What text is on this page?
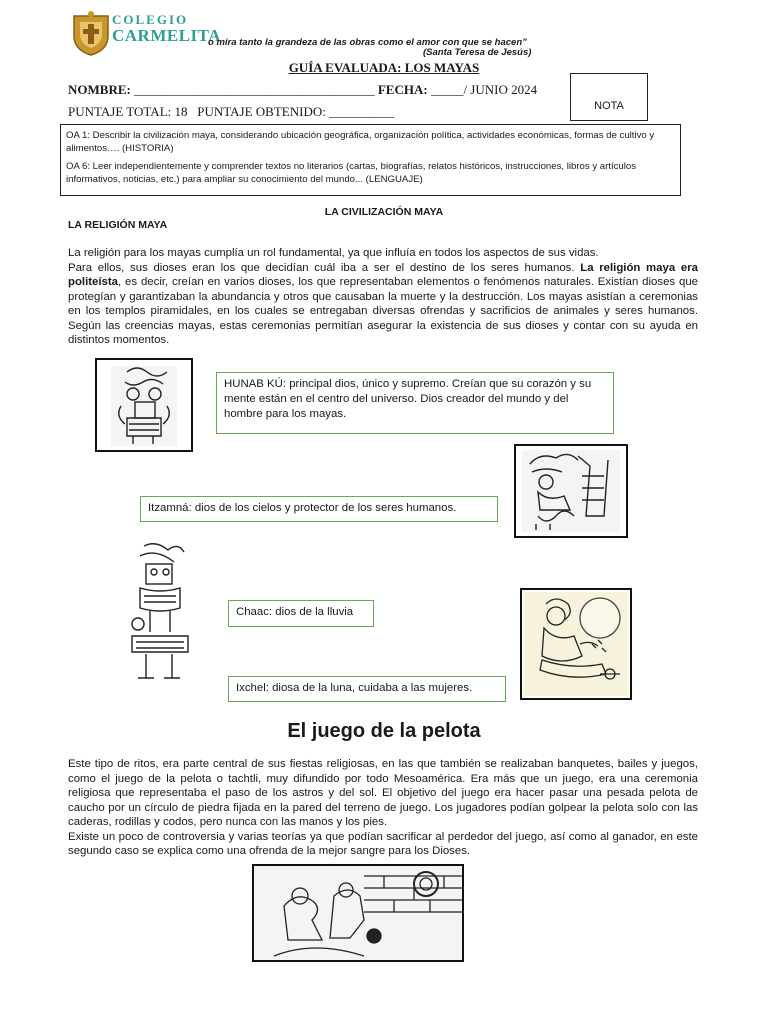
COLEGIO
CARMELITA
o mira tanto la grandeza de las obras como el amor con que se hacen”
(Santa Teresa de Jesús)
GUÍA EVALUADA: LOS MAYAS
NOMBRE: _____________________________________ FECHA: _____/ JUNIO 2024
PUNTAJE TOTAL: 18 PUNTAJE OBTENIDO: __________	NOTA

OA 1: Describir la civilización maya, considerando ubicación geográfica, organización política, actividades económicas, formas de cultivo y alimentos…. (HISTORIA)

OA 6: Leer independientemente y comprender textos no literarios (cartas, biografías, relatos históricos, instrucciones, libros y artículos informativos, noticias, etc.) para ampliar su conocimiento del mundo... (LENGUAJE)

LA CIVILIZACIÓN MAYA
LA RELIGIÓN MAYA

La religión para los mayas cumplía un rol fundamental, ya que influía en todos los aspectos de sus vidas.

Para ellos, sus dioses eran los que decidían cuál iba a ser el destino de los seres humanos. La religión maya era politeísta, es decir, creían en varios dioses, los que representaban elementos o fenómenos naturales. Existían dioses que protegían y garantizaban la abundancia y otros que causaban la muerte y la destrucción. Los mayas asistían a ceremonias en los templos piramidales, en los cuales se entregaban diversas ofrendas y sacrificios de animales y seres humanos. Según las creencias mayas, estas ceremonias permitían asegurar la existencia de sus dioses y contar con su ayuda en distintos momentos.

HUNAB KÚ: principal dios, único y supremo. Creían que su corazón y su mente están en el centro del universo. Dios creador del mundo y del hombre para los mayas.
Itzamná: dios de los cielos y protector de los seres humanos.
Chaac: dios de la lluvia
Ixchel: diosa de la luna, cuidaba a las mujeres.
El juego de la pelota

Este tipo de ritos, era parte central de sus fiestas religiosas, en las que también se realizaban banquetes, bailes y juegos, como el juego de la pelota o tachtli, muy difundido por todo Mesoamérica. Era más que un juego, era una ceremonia religiosa que representaba el paso de los astros y del sol. El objetivo del juego era hacer pasar una pesada pelota de caucho por un círculo de piedra fijada en la pared del terreno de juego. Los jugadores podían golpear la pelota solo con las caderas, rodillas y codos, pero nunca con las manos y los pies.

Existe un poco de controversia y varias teorías ya que podían sacrificar al perdedor del juego, así como al ganador, en este segundo caso se explica como una ofrenda de la mejor sangre para los Dioses.
